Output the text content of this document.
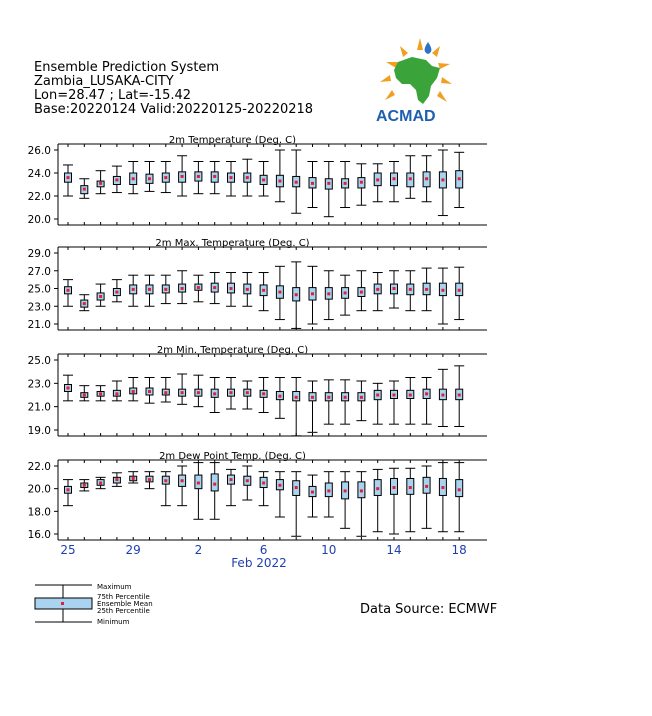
Ensemble Prediction System
Zambia_LUSAKA-CITY
Lon=28.47 ; Lat=-15.42
Base:20220124 Valid:20220125-20220218	ACMAD
2m Temperature (Deg. C)
26.0
24.0
22.0
20.0
2m Max. Temperature (Deg. C)
29.0
27.0
25.0
23.0
21.0
2m Min. Temperature (Deg. C)
25.0
23.0
21.0
19.0
2m Dew Point Temp. (Deg. C)
22.0
20.0
18.0
16.0
25	29	2	6	10	14	18
Feb 2022
Maximum
75th Percentile
Ensemble Mean
25th Percentile
Minimum
Data Source: ECMWF
